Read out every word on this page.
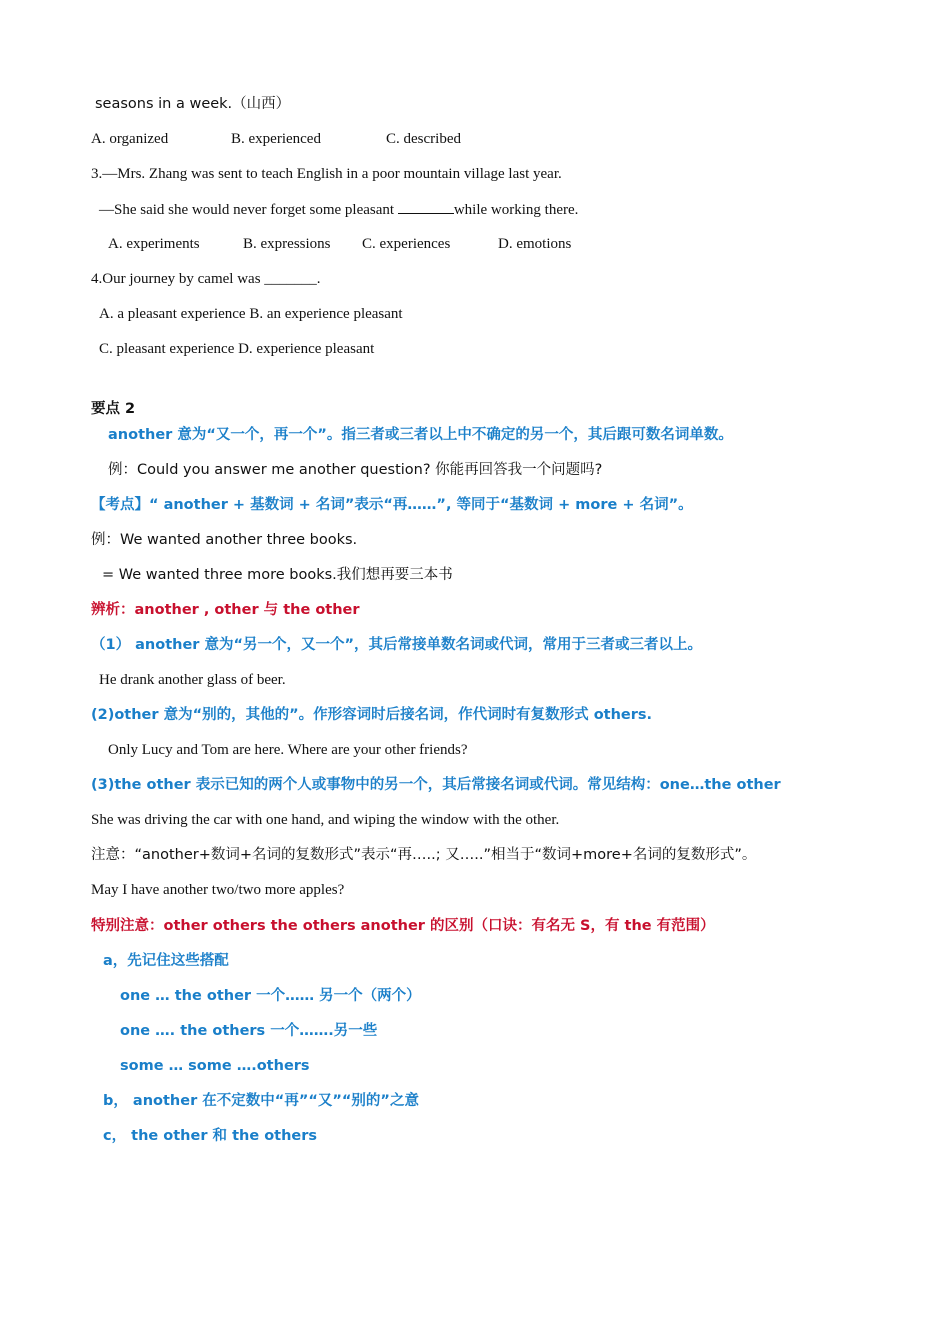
seasons in a week.（山西）
A. organized	B. experienced	C. described
3.—Mrs. Zhang was sent to teach English in a poor mountain village last year.
—She said she would never forget some pleasant	while working there.
A. experiments	B. expressions C. experiences	D. emotions
4.Our journey by camel was _______.
A. a pleasant experience B. an experience pleasant
C. pleasant experience D. experience pleasant
要点 2
another 意为“又一个，再一个”。指三者或三者以上中不确定的另一个，其后跟可数名词单数。
例：Could you answer me another question? 你能再回答我一个问题吗?
【考点】“ another + 基数词 + 名词”表示“再……”, 等同于“基数词 + more + 名词”。
例：We wanted another three books.
= We wanted three more books.我们想再要三本书
辨析：another , other 与 the other
（1） another 意为“另一个，又一个”，其后常接单数名词或代词，常用于三者或三者以上。
He drank another glass of beer.
(2)other 意为“别的，其他的”。作形容词时后接名词，作代词时有复数形式 others.
Only Lucy and Tom are here. Where are your other friends?
(3)the other 表示已知的两个人或事物中的另一个，其后常接名词或代词。常见结构：one…the other
She was driving the car with one hand, and wiping the window with the other.
注意：“another+数词+名词的复数形式”表示“再…..; 又…..”相当于“数词+more+名词的复数形式”。
May I have another two/two more apples?
特别注意：other others the others another 的区别（口诀：有名无 S，有 the 有范围）
a，先记住这些搭配
one … the other 一个…… 另一个（两个）
one …. the others 一个…….另一些
some … some ….others
b， another 在不定数中“再”“又”“别的”之意
c， the other 和 the others
